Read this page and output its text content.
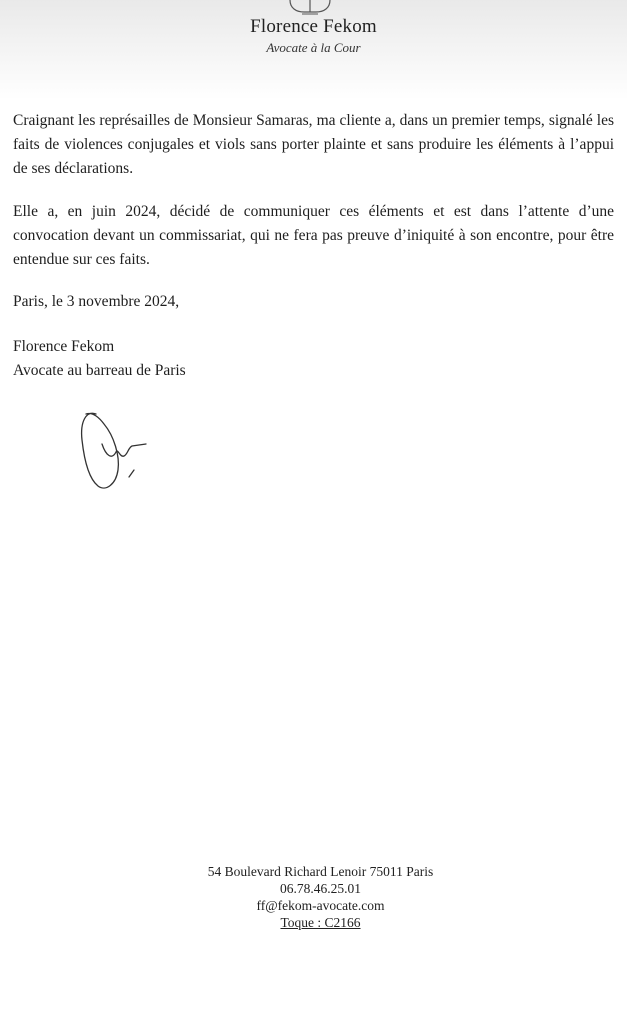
Florence Fekom
Avocate à la Cour

Craignant les représailles de Monsieur Samaras, ma cliente a, dans un premier temps, signalé les faits de violences conjugales et viols sans porter plainte et sans produire les éléments à l’appui de ses déclarations.

Elle a, en juin 2024, décidé de communiquer ces éléments et est dans l’attente d’une convocation devant un commissariat, qui ne fera pas preuve d’iniquité à son encontre, pour être entendue sur ces faits.

Paris, le 3 novembre 2024,

Florence Fekom
Avocate au barreau de Paris

54 Boulevard Richard Lenoir 75011 Paris
06.78.46.25.01
ff@fekom-avocate.com
Toque : C2166
